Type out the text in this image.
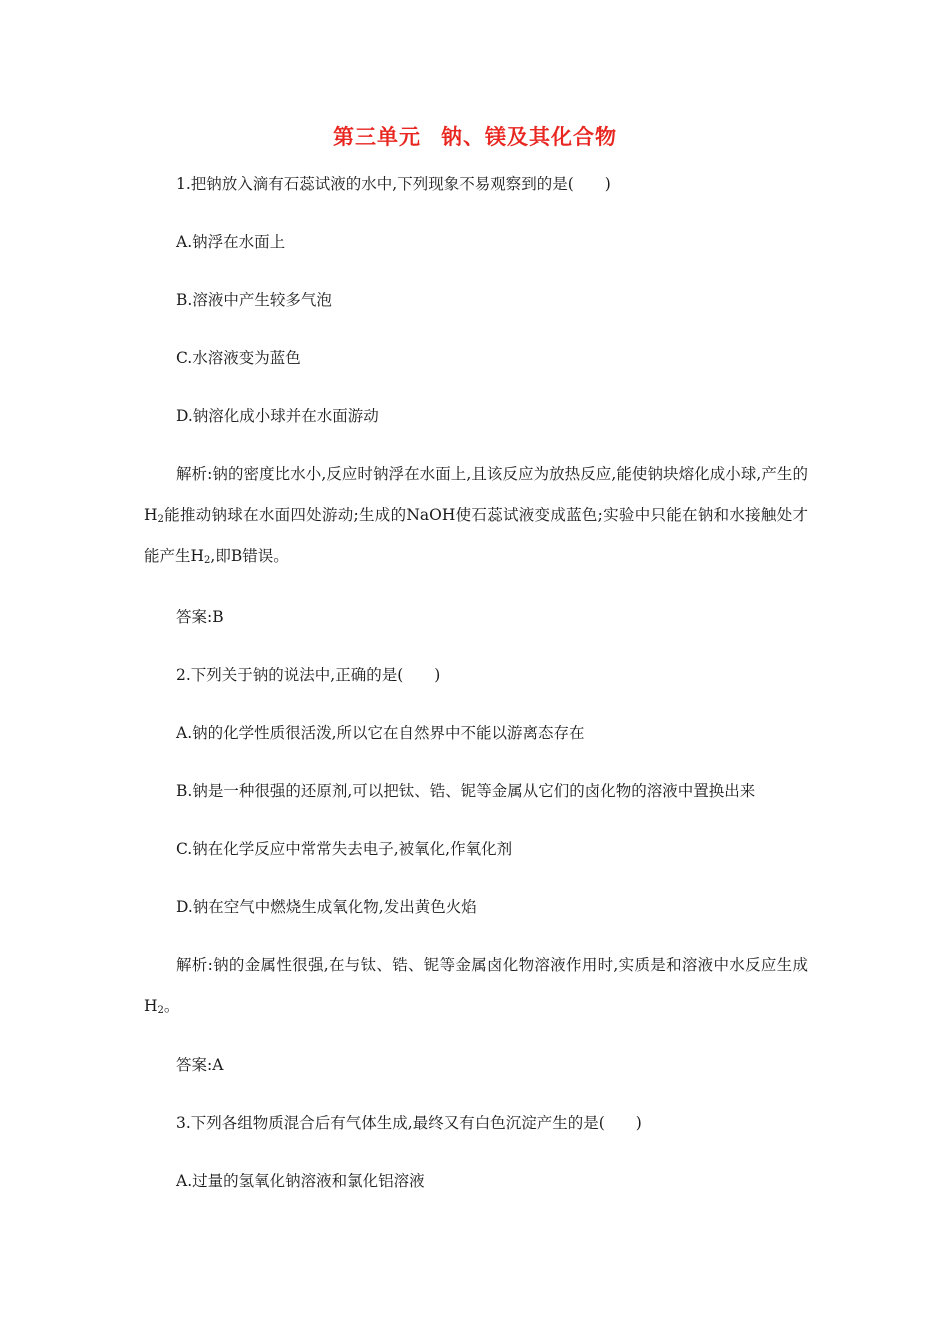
第三单元 钠、镁及其化合物
1.把钠放入滴有石蕊试液的水中,下列现象不易观察到的是(　　)
A.钠浮在水面上
B.溶液中产生较多气泡
C.水溶液变为蓝色
D.钠溶化成小球并在水面游动
解析:钠的密度比水小,反应时钠浮在水面上,且该反应为放热反应,能使钠块熔化成小球,产生的$H_2$能推动钠球在水面四处游动;生成的NaOH使石蕊试液变成蓝色;实验中只能在钠和水接触处才能产生$H_2$,即B错误。
答案:B
2.下列关于钠的说法中,正确的是(　　)
A.钠的化学性质很活泼,所以它在自然界中不能以游离态存在
B.钠是一种很强的还原剂,可以把钛、锆、铌等金属从它们的卤化物的溶液中置换出来
C.钠在化学反应中常常失去电子,被氧化,作氧化剂
D.钠在空气中燃烧生成氧化物,发出黄色火焰
解析:钠的金属性很强,在与钛、锆、铌等金属卤化物溶液作用时,实质是和溶液中水反应生成$H_2$。
答案:A
3.下列各组物质混合后有气体生成,最终又有白色沉淀产生的是(　　)
A.过量的氢氧化钠溶液和氯化铝溶液
